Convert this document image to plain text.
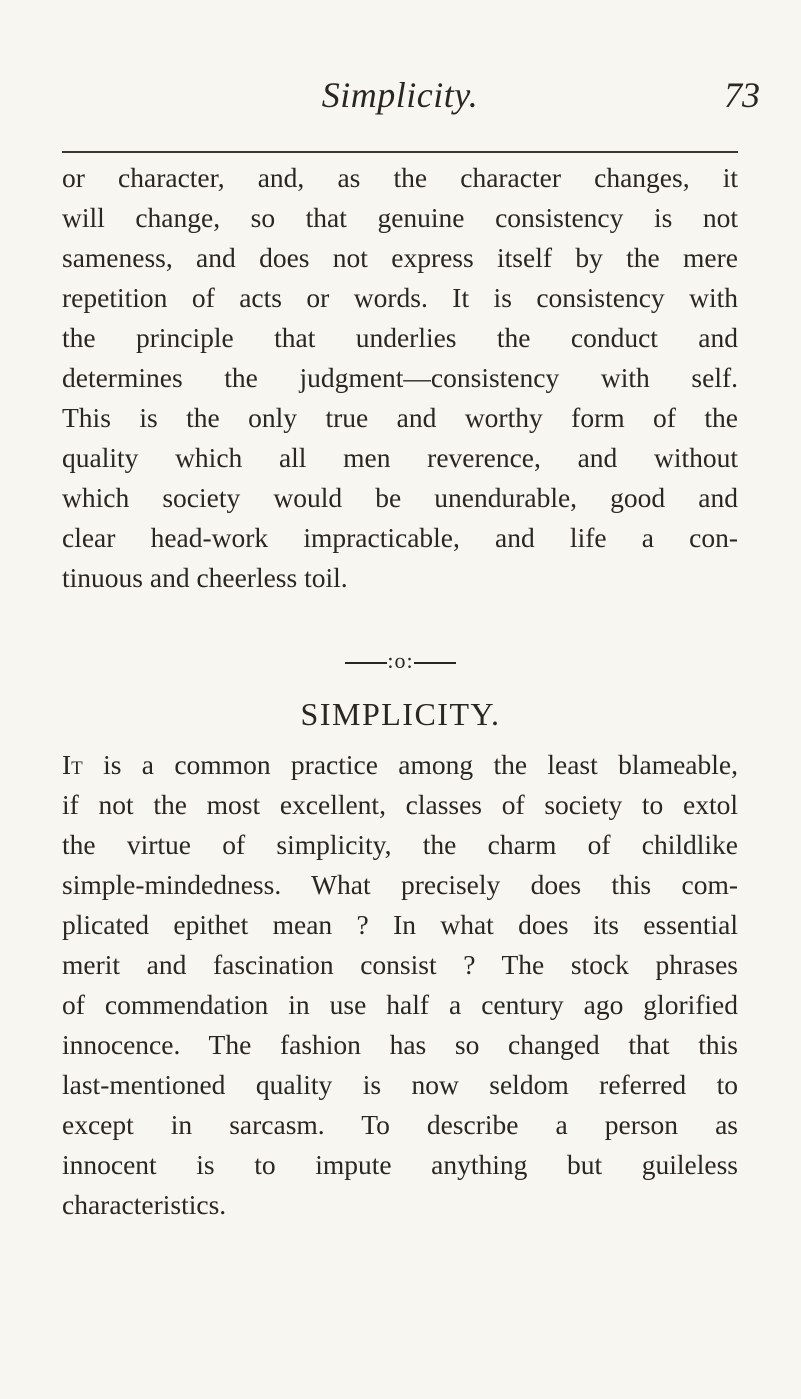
Simplicity.	73
or character, and, as the character changes, it
will change, so that genuine consistency is not
sameness, and does not express itself by the mere
repetition of acts or words. It is consistency with
the principle that underlies the conduct and
determines the judgment—consistency with self.
This is the only true and worthy form of the
quality which all men reverence, and without
which society would be unendurable, good and
clear head-work impracticable, and life a con-
tinuous and cheerless toil.
:o:
SIMPLICITY.
It is a common practice among the least blameable,
if not the most excellent, classes of society to extol
the virtue of simplicity, the charm of childlike
simple-mindedness. What precisely does this com-
plicated epithet mean ? In what does its essential
merit and fascination consist ? The stock phrases
of commendation in use half a century ago glorified
innocence. The fashion has so changed that this
last-mentioned quality is now seldom referred to
except in sarcasm. To describe a person as
innocent is to impute anything but guileless
characteristics.
